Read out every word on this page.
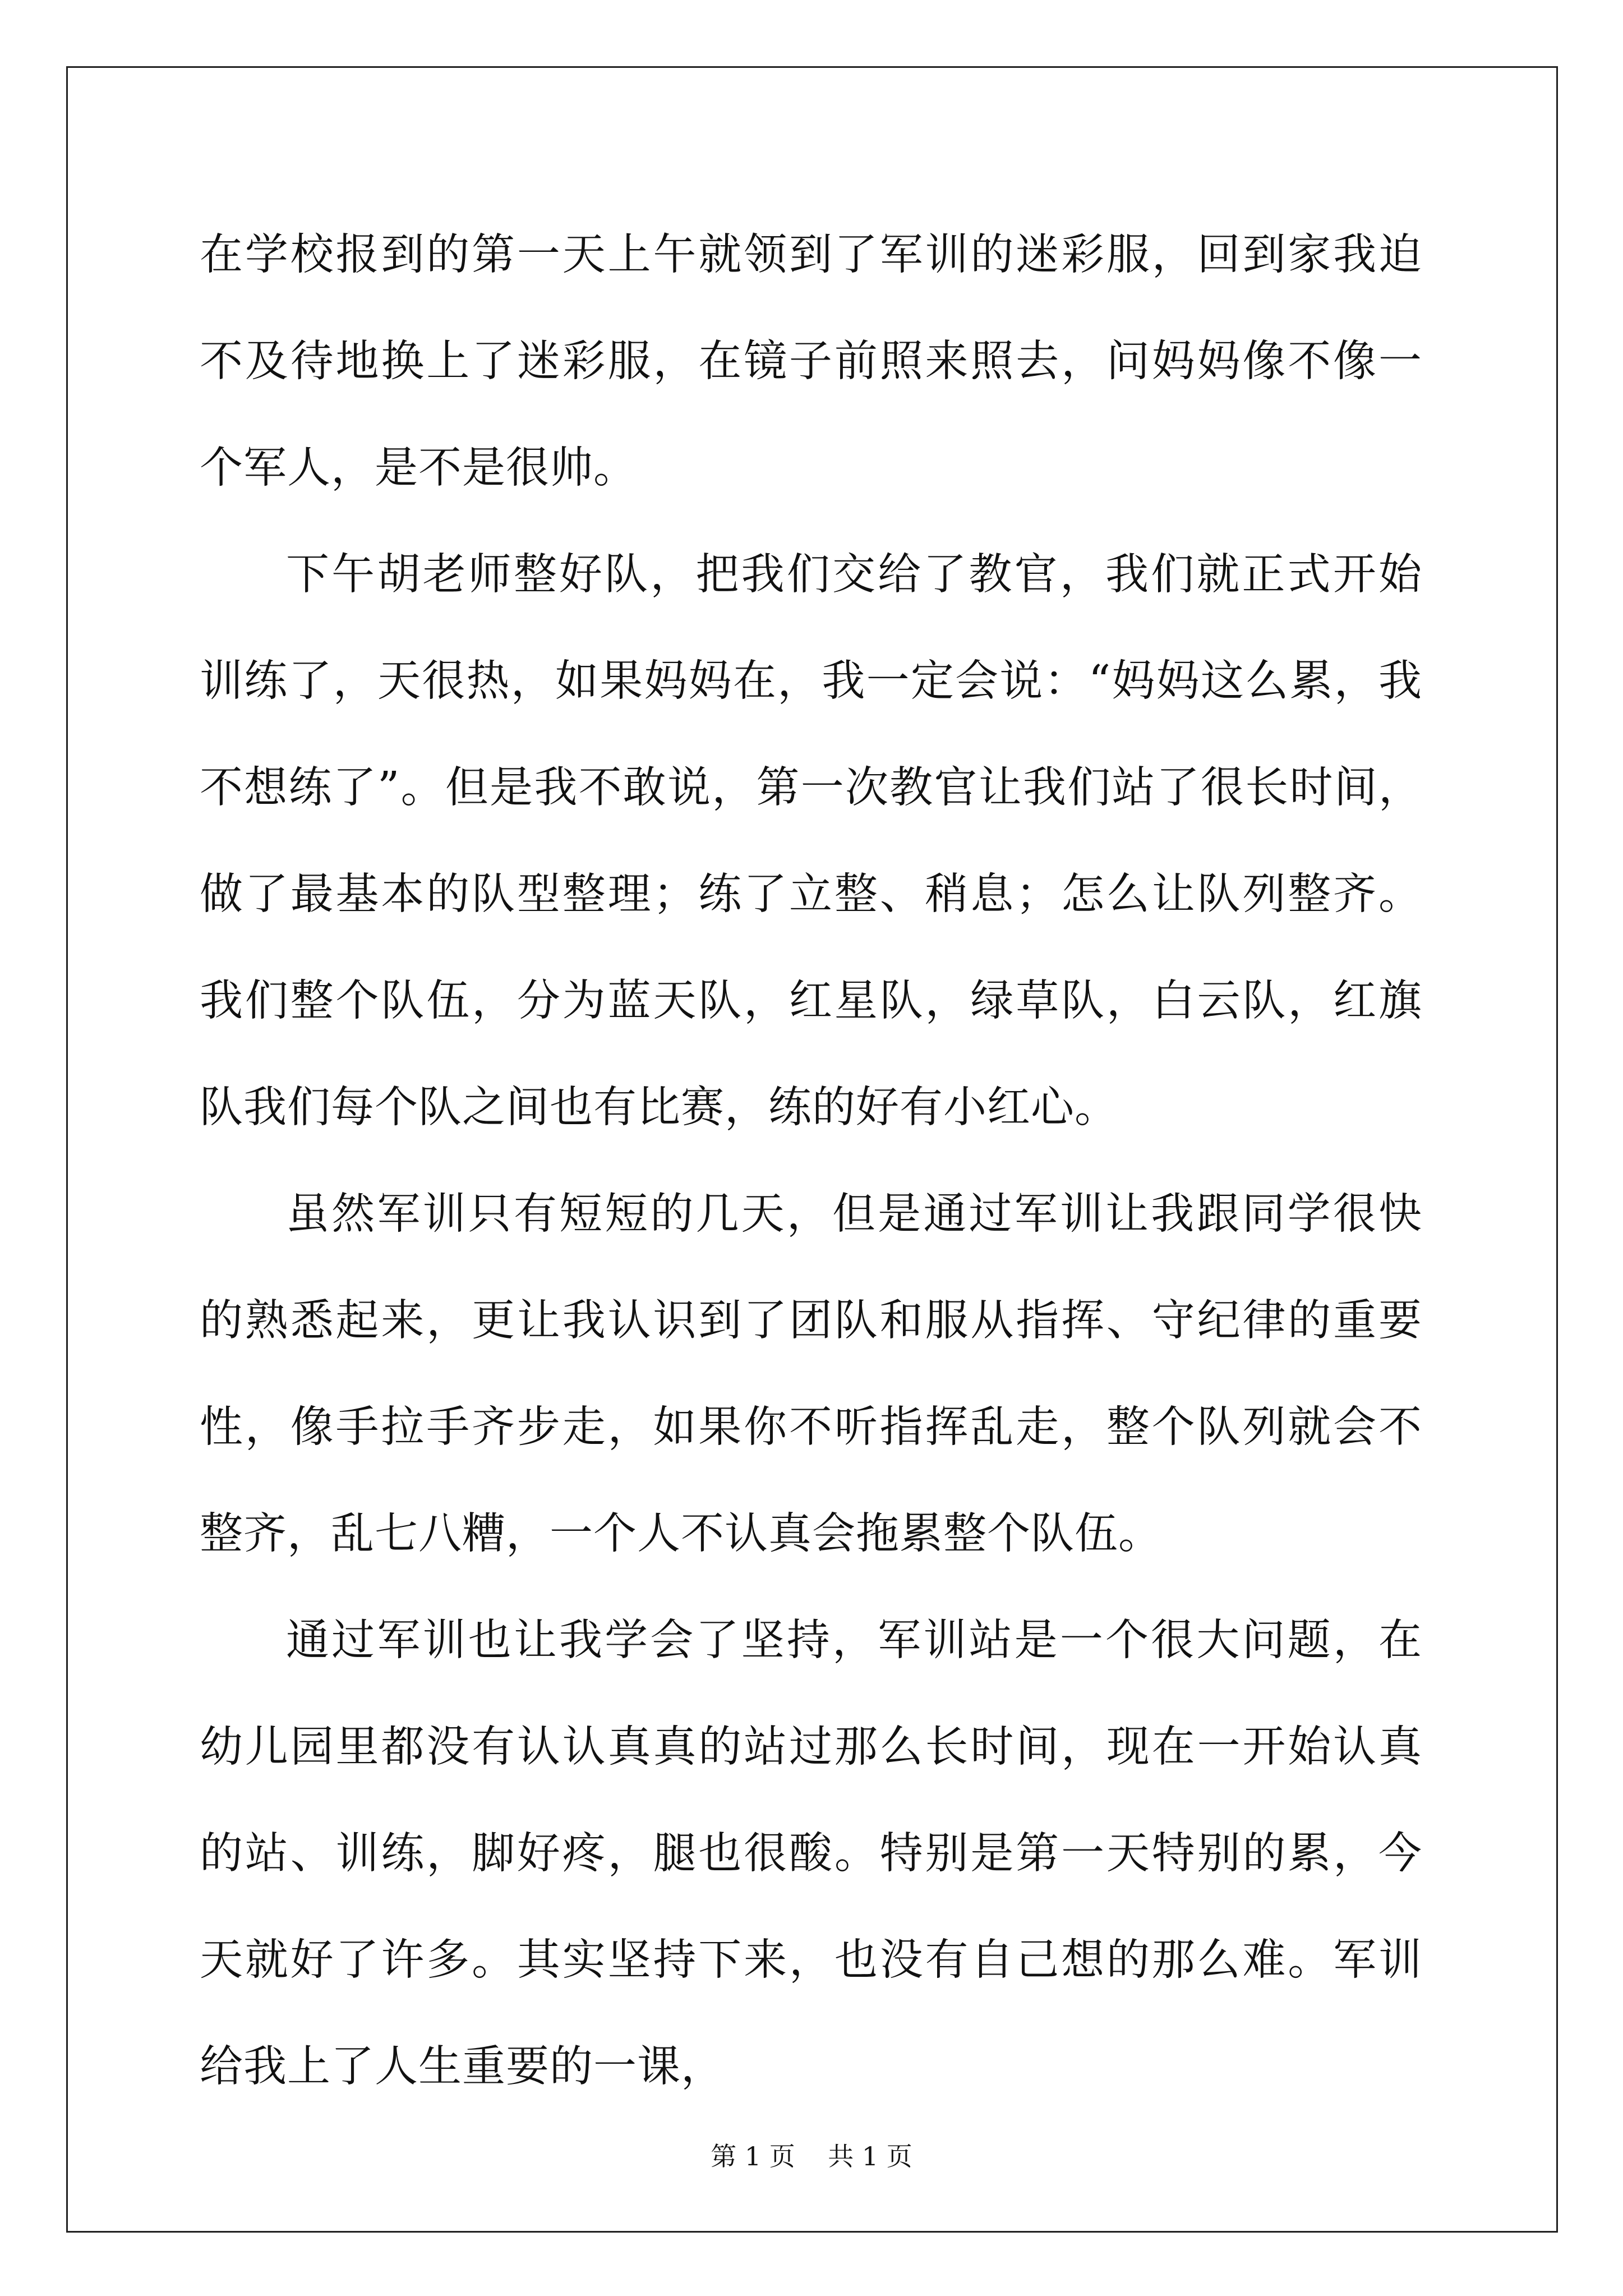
在学校报到的第一天上午就领到了军训的迷彩服，回到家我迫不及待地换上了迷彩服，在镜子前照来照去，问妈妈像不像一个军人，是不是很帅。

下午胡老师整好队，把我们交给了教官，我们就正式开始训练了，天很热，如果妈妈在，我一定会说：“妈妈这么累，我不想练了”。但是我不敢说，第一次教官让我们站了很长时间，做了最基本的队型整理；练了立整、稍息；怎么让队列整齐。我们整个队伍，分为蓝天队，红星队，绿草队，白云队，红旗队我们每个队之间也有比赛，练的好有小红心。

虽然军训只有短短的几天，但是通过军训让我跟同学很快的熟悉起来，更让我认识到了团队和服从指挥、守纪律的重要性，像手拉手齐步走，如果你不听指挥乱走，整个队列就会不整齐，乱七八糟，一个人不认真会拖累整个队伍。

通过军训也让我学会了坚持，军训站是一个很大问题，在幼儿园里都没有认认真真的站过那么长时间，现在一开始认真的站、训练，脚好疼，腿也很酸。特别是第一天特别的累，今天就好了许多。其实坚持下来，也没有自己想的那么难。军训给我上了人生重要的一课，

第 1 页 共 1 页
